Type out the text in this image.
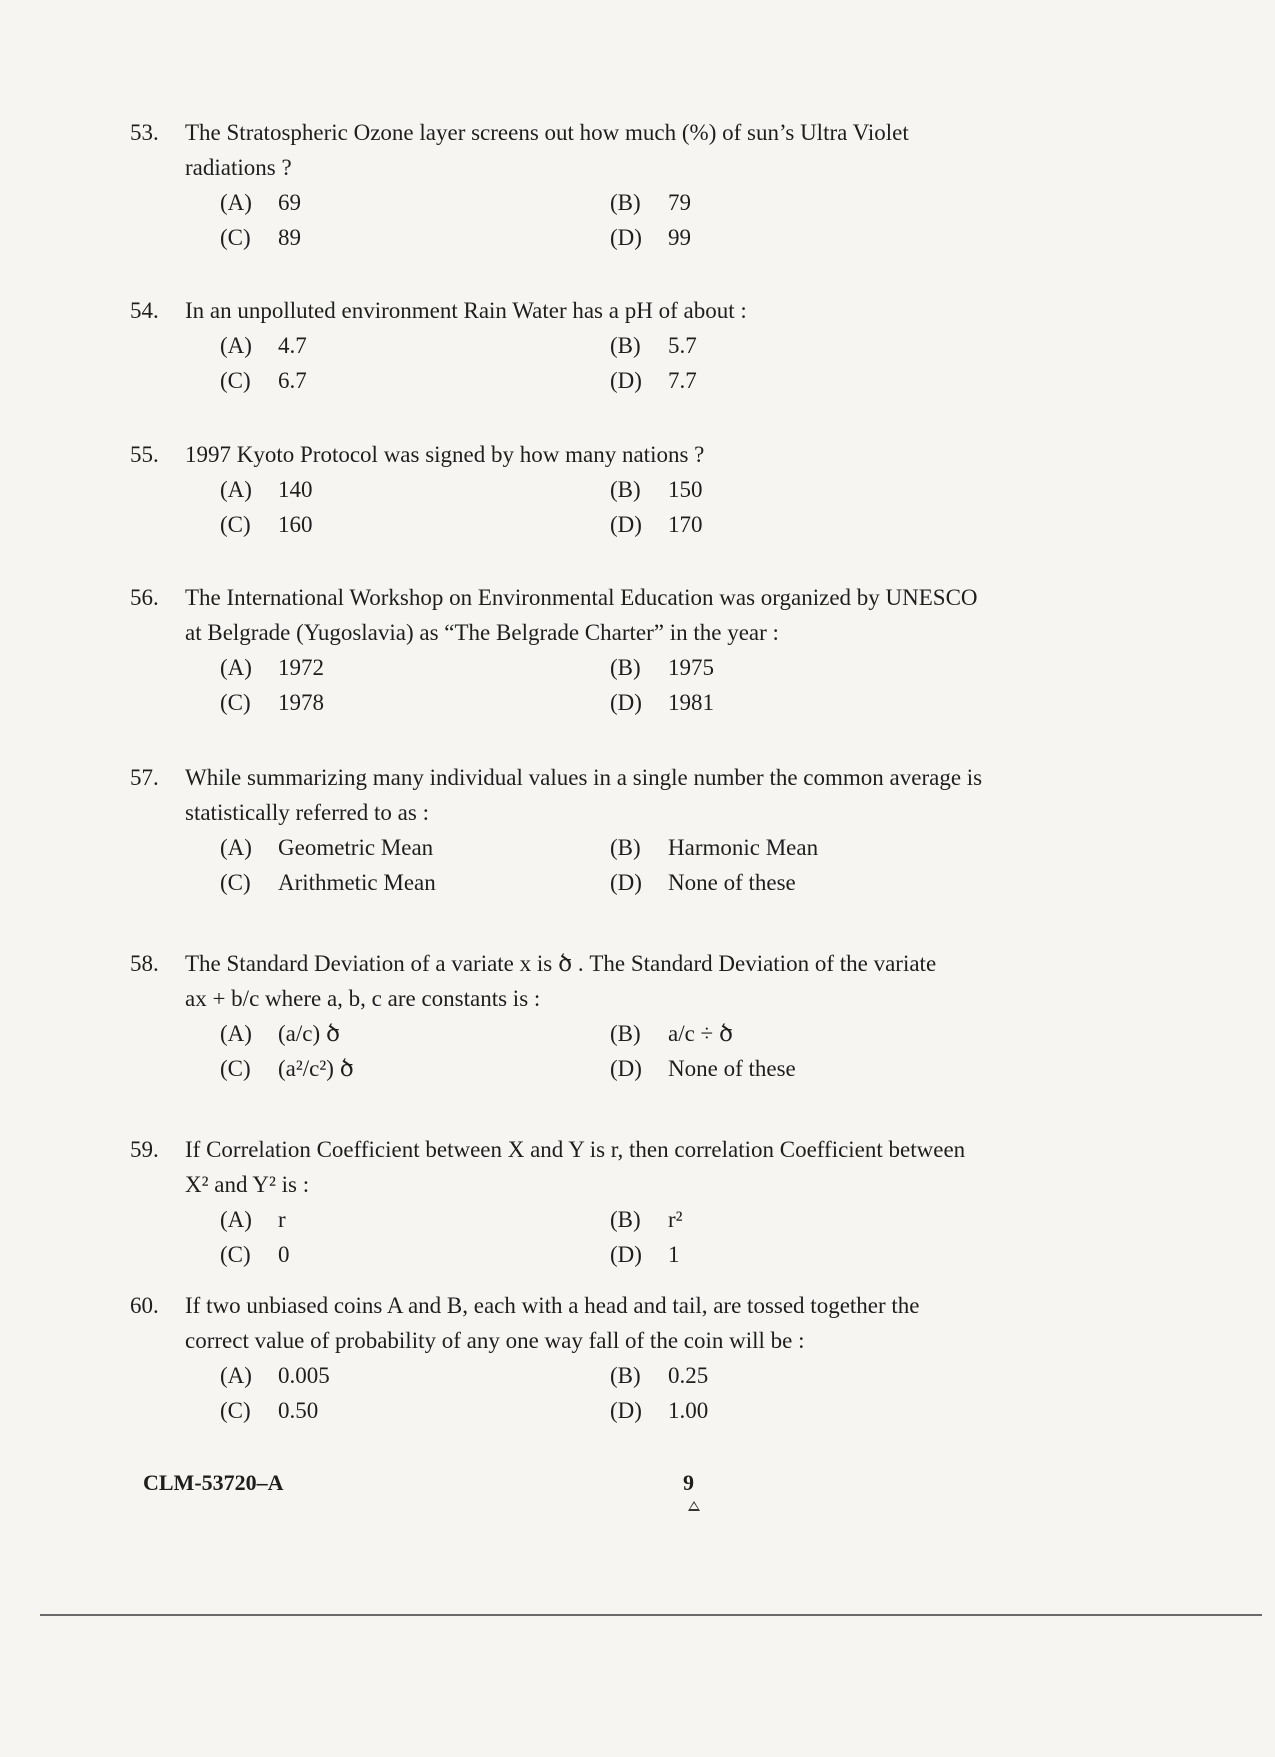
53. The Stratospheric Ozone layer screens out how much (%) of sun’s Ultra Violet
radiations ?
(A) 69	(B) 79
(C) 89	(D) 99
54. In an unpolluted environment Rain Water has a pH of about :
(A) 4.7	(B) 5.7
(C) 6.7	(D) 7.7
55. 1997 Kyoto Protocol was signed by how many nations ?
(A) 140	(B) 150
(C) 160	(D) 170
56. The International Workshop on Environmental Education was organized by UNESCO
at Belgrade (Yugoslavia) as “The Belgrade Charter” in the year :
(A) 1972	(B) 1975
(C) 1978	(D) 1981
57. While summarizing many individual values in a single number the common average is
statistically referred to as :
(A) Geometric Mean	(B) Harmonic Mean
(C) Arithmetic Mean	(D) None of these
58. The Standard Deviation of a variate x is ծ . The Standard Deviation of the variate
ax + b/c where a, b, c are constants is :
(A) (a/c) ծ	(B) a/c ÷ ծ
(C) (a²/c²) ծ	(D) None of these
59. If Correlation Coefficient between X and Y is r, then correlation Coefficient between
X² and Y² is :
(A) r	(B) r²
(C) 0	(D) 1
60. If two unbiased coins A and B, each with a head and tail, are tossed together the
correct value of probability of any one way fall of the coin will be :
(A) 0.005	(B) 0.25
(C) 0.50	(D) 1.00
CLM-53720–A	9
